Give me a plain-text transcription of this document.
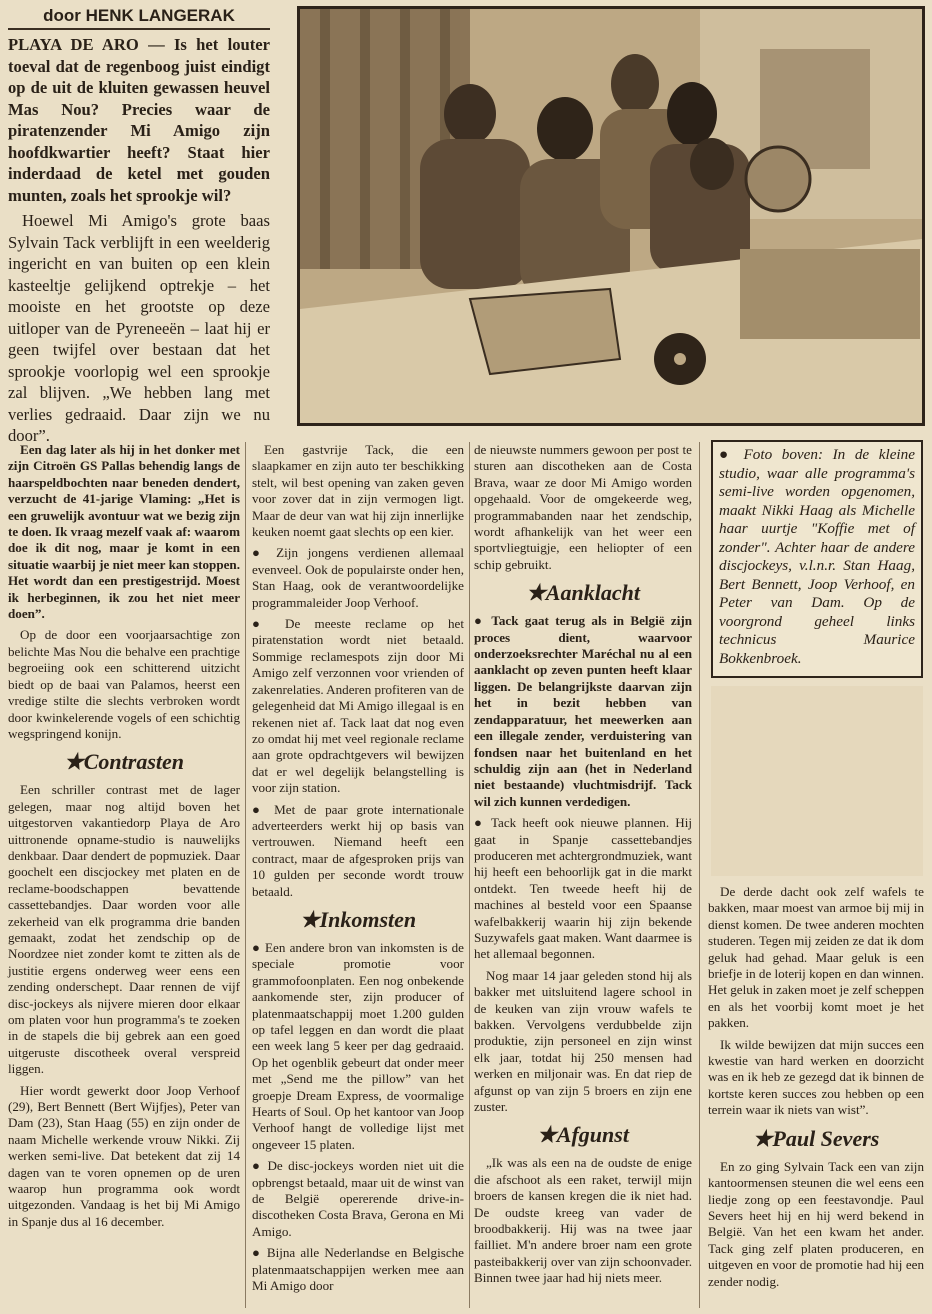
door HENK LANGERAK

PLAYA DE ARO — Is het louter toeval dat de regenboog juist eindigt op de uit de kluiten gewassen heuvel Mas Nou? Precies waar de piratenzender Mi Amigo zijn hoofdkwartier heeft? Staat hier inderdaad de ketel met gouden munten, zoals het sprookje wil?

Hoewel Mi Amigo's grote baas Sylvain Tack verblijft in een weelderig ingericht en van buiten op een klein kasteeltje gelijkend optrekje – het mooiste en het grootste op deze uitloper van de Pyreneeën – laat hij er geen twijfel over bestaan dat het sprookje voorlopig wel een sprookje zal blijven. „We hebben lang met verlies gedraaid. Daar zijn we nu door”.

Een dag later als hij in het donker met zijn Citroën GS Pallas behendig langs de haarspeldbochten naar beneden dendert, verzucht de 41-jarige Vlaming: „Het is een gruwelijk avontuur wat we bezig zijn te doen. Ik vraag mezelf vaak af: waarom doe ik dit nog, maar je komt in een situatie waarbij je niet meer kan stoppen. Het wordt dan een prestigestrijd. Moest ik herbeginnen, ik zou het niet meer doen”.

Op de door een voorjaarsachtige zon belichte Mas Nou die behalve een prachtige begroeiing ook een schitterend uitzicht biedt op de baai van Palamos, heerst een vredige stilte die slechts verbroken wordt door kwinkelerende vogels of een schichtig wegspringend konijn.

★Contrasten

Een schriller contrast met de lager gelegen, maar nog altijd boven het uitgestorven vakantiedorp Playa de Aro uittronende opname-studio is nauwelijks denkbaar. Daar dendert de popmuziek. Daar goochelt een discjockey met platen en de reclame-boodschappen bevattende cassettebandjes. Daar worden voor alle zekerheid van elk programma drie banden gemaakt, zodat het zendschip op de Noordzee niet zonder komt te zitten als de justitie ergens onderweg weer eens een zending onderschept. Daar rennen de vijf disc-jockeys als nijvere mieren door elkaar om platen voor hun programma's te zoeken in de stapels die bij gebrek aan een goed uitgeruste discotheek overal verspreid liggen.

Hier wordt gewerkt door Joop Verhoof (29), Bert Bennett (Bert Wijfjes), Peter van Dam (23), Stan Haag (55) en zijn onder de naam Michelle werkende vrouw Nikki. Zij werken semi-live. Dat betekent dat zij 14 dagen van te voren opnemen op de uren waarop hun programma ook wordt uitgezonden. Vandaag is het bij Mi Amigo in Spanje dus al 16 december.

Een gastvrije Tack, die een slaapkamer en zijn auto ter beschikking stelt, wil best opening van zaken geven voor zover dat in zijn vermogen ligt. Maar de deur van wat hij zijn innerlijke keuken noemt gaat slechts op een kier.

● Zijn jongens verdienen allemaal evenveel. Ook de populairste onder hen, Stan Haag, ook de verantwoordelijke programmaleider Joop Verhoof.

● De meeste reclame op het piratenstation wordt niet betaald. Sommige reclamespots zijn door Mi Amigo zelf verzonnen voor vrienden of zakenrelaties. Anderen profiteren van de gelegenheid dat Mi Amigo illegaal is en rekenen niet af. Tack laat dat nog even zo omdat hij met veel regionale reclame aan grote opdrachtgevers wil bewijzen dat er wel degelijk belangstelling is voor zijn station.

● Met de paar grote internationale adverteerders werkt hij op basis van vertrouwen. Niemand heeft een contract, maar de afgesproken prijs van 10 gulden per seconde wordt trouw betaald.

★Inkomsten

● Een andere bron van inkomsten is de speciale promotie voor grammofoonplaten. Een nog onbekende aankomende ster, zijn producer of platenmaatschappij moet 1.200 gulden op tafel leggen en dan wordt die plaat een week lang 5 keer per dag gedraaid. Op het ogenblik gebeurt dat onder meer met „Send me the pillow” van het groepje Dream Express, de voormalige Hearts of Soul. Op het kantoor van Joop Verhoof hangt de volledige lijst met ongeveer 15 platen.

● De disc-jockeys worden niet uit die opbrengst betaald, maar uit de winst van de België opererende drive-in-discotheken Costa Brava, Gerona en Mi Amigo.

● Bijna alle Nederlandse en Belgische platenmaatschappijen werken mee aan Mi Amigo door

de nieuwste nummers gewoon per post te sturen aan discotheken aan de Costa Brava, waar ze door Mi Amigo worden opgehaald. Voor de omgekeerde weg, programmabanden naar het zendschip, wordt afhankelijk van het weer een sportvliegtuigje, een heliopter of een schip gebruikt.

★Aanklacht

● Tack gaat terug als in België zijn proces dient, waarvoor onderzoeksrechter Maréchal nu al een aanklacht op zeven punten heeft klaar liggen. De belangrijkste daarvan zijn het in bezit hebben van zendapparatuur, het meewerken aan een illegale zender, verduistering van fondsen naar het buitenland en het schuldig zijn aan (het in Nederland niet bestaande) vluchtmisdrijf. Tack wil zich kunnen verdedigen.

● Tack heeft ook nieuwe plannen. Hij gaat in Spanje cassettebandjes produceren met achtergrondmuziek, want hij heeft een behoorlijk gat in die markt ontdekt. Ten tweede heeft hij de machines al besteld voor een Spaanse wafelbakkerij waarin hij zijn bekende Suzywafels gaat maken. Want daarmee is het allemaal begonnen.

Nog maar 14 jaar geleden stond hij als bakker met uitsluitend lagere school in de keuken van zijn vrouw wafels te bakken. Vervolgens verdubbelde zijn produktie, zijn personeel en zijn winst elk jaar, totdat hij 250 mensen had werken en miljonair was. En dat riep de afgunst op van zijn 5 broers en zijn ene zuster.

★Afgunst

„Ik was als een na de oudste de enige die afschoot als een raket, terwijl mijn broers de kansen kregen die ik niet had. De oudste kreeg van vader de broodbakkerij. Hij was na twee jaar failliet. M'n andere broer nam een grote pasteibakkerij over van zijn schoonvader. Binnen twee jaar had hij niets meer.

● Foto boven: In de kleine studio, waar alle programma's semi-live worden opgenomen, maakt Nikki Haag als Michelle haar uurtje "Koffie met of zonder". Achter haar de andere discjockeys, v.l.n.r. Stan Haag, Bert Bennett, Joop Verhoof, en Peter van Dam. Op de voorgrond geheel links technicus Maurice Bokkenbroek.

De derde dacht ook zelf wafels te bakken, maar moest van armoe bij mij in dienst komen. De twee anderen mochten studeren. Tegen mij zeiden ze dat ik dom geluk had gehad. Maar geluk is een briefje in de loterij kopen en dan winnen. Het geluk in zaken moet je zelf scheppen en als het voorbij komt moet je het pakken.

Ik wilde bewijzen dat mijn succes een kwestie van hard werken en doorzicht was en ik heb ze gezegd dat ik binnen de kortste keren succes zou hebben op een terrein waar ik niets van wist”.

★Paul Severs

En zo ging Sylvain Tack een van zijn kantoormensen steunen die wel eens een liedje zong op een feestavondje. Paul Severs heet hij en hij werd bekend in België. Van het een kwam het ander. Tack ging zelf platen produceren, en uitgeven en voor de promotie had hij een zender nodig.
